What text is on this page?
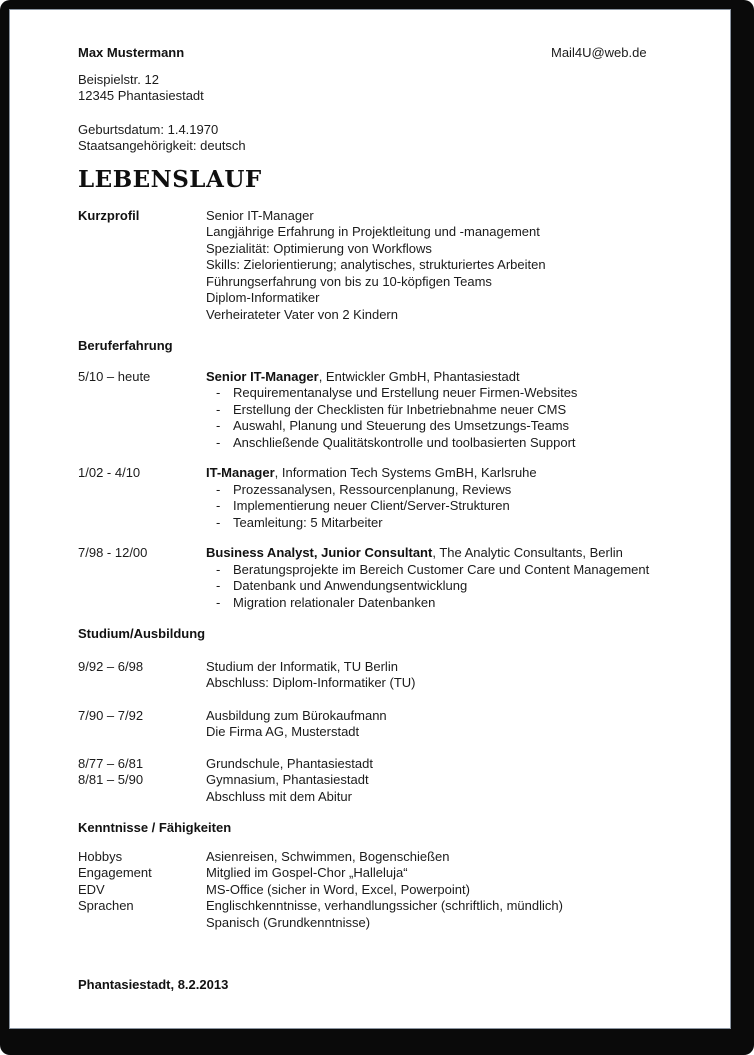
Max Mustermann	Mail4U@web.de
Beispielstr. 12
12345 Phantasiestadt
Geburtsdatum: 1.4.1970
Staatsangehörigkeit: deutsch
LEBENSLAUF
Kurzprofil	Senior IT-Manager
Langjährige Erfahrung in Projektleitung und -management
Spezialität: Optimierung von Workflows
Skills: Zielorientierung; analytisches, strukturiertes Arbeiten
Führungserfahrung von bis zu 10-köpfigen Teams
Diplom-Informatiker
Verheirateter Vater von 2 Kindern
Beruferfahrung
5/10 – heute	Senior IT-Manager, Entwickler GmbH, Phantasiestadt
- Requirementanalyse und Erstellung neuer Firmen-Websites
- Erstellung der Checklisten für Inbetriebnahme neuer CMS
- Auswahl, Planung und Steuerung des Umsetzungs-Teams
- Anschließende Qualitätskontrolle und toolbasierten Support
1/02 - 4/10	IT-Manager, Information Tech Systems GmBH, Karlsruhe
- Prozessanalysen, Ressourcenplanung, Reviews
- Implementierung neuer Client/Server-Strukturen
- Teamleitung: 5 Mitarbeiter
7/98 - 12/00	Business Analyst, Junior Consultant, The Analytic Consultants, Berlin
- Beratungsprojekte im Bereich Customer Care und Content Management
- Datenbank und Anwendungsentwicklung
- Migration relationaler Datenbanken
Studium/Ausbildung
9/92 – 6/98	Studium der Informatik, TU Berlin
Abschluss: Diplom-Informatiker (TU)
7/90 – 7/92	Ausbildung zum Bürokaufmann
Die Firma AG, Musterstadt
8/77 – 6/81	Grundschule, Phantasiestadt
8/81 – 5/90	Gymnasium, Phantasiestadt
Abschluss mit dem Abitur
Kenntnisse / Fähigkeiten
Hobbys	Asienreisen, Schwimmen, Bogenschießen
Engagement	Mitglied im Gospel-Chor „Halleluja“
EDV	MS-Office (sicher in Word, Excel, Powerpoint)
Sprachen	Englischkenntnisse, verhandlungssicher (schriftlich, mündlich)
Spanisch (Grundkenntnisse)
Phantasiestadt, 8.2.2013
